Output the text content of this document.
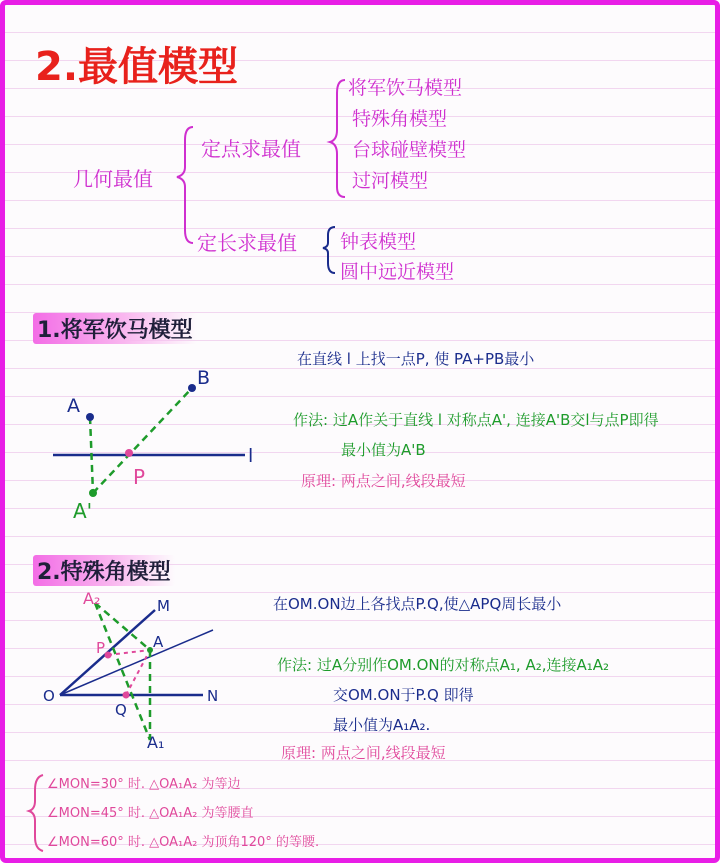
2.最值模型
几何最值
定点求最值
定长求最值
将军饮马模型
特殊角模型
台球碰壁模型
过河模型
钟表模型
圆中远近模型
1.将军饮马模型
A
B
P
A'
l
在直线 l 上找一点P, 使 PA+PB最小
作法: 过A作关于直线 l 对称点A', 连接A'B交l与点P即得
最小值为A'B
原理: 两点之间,线段最短
2.特殊角模型
A₂	M
P	A
O
Q
N
A₁
在OM.ON边上各找点P.Q,使△APQ周长最小
作法: 过A分别作OM.ON的对称点A₁, A₂,连接A₁A₂
交OM.ON于P.Q 即得
最小值为A₁A₂.
原理: 两点之间,线段最短
∠MON=30° 时. △OA₁A₂ 为等边
∠MON=45° 时. △OA₁A₂ 为等腰直
∠MON=60° 时. △OA₁A₂ 为顶角120° 的等腰.
